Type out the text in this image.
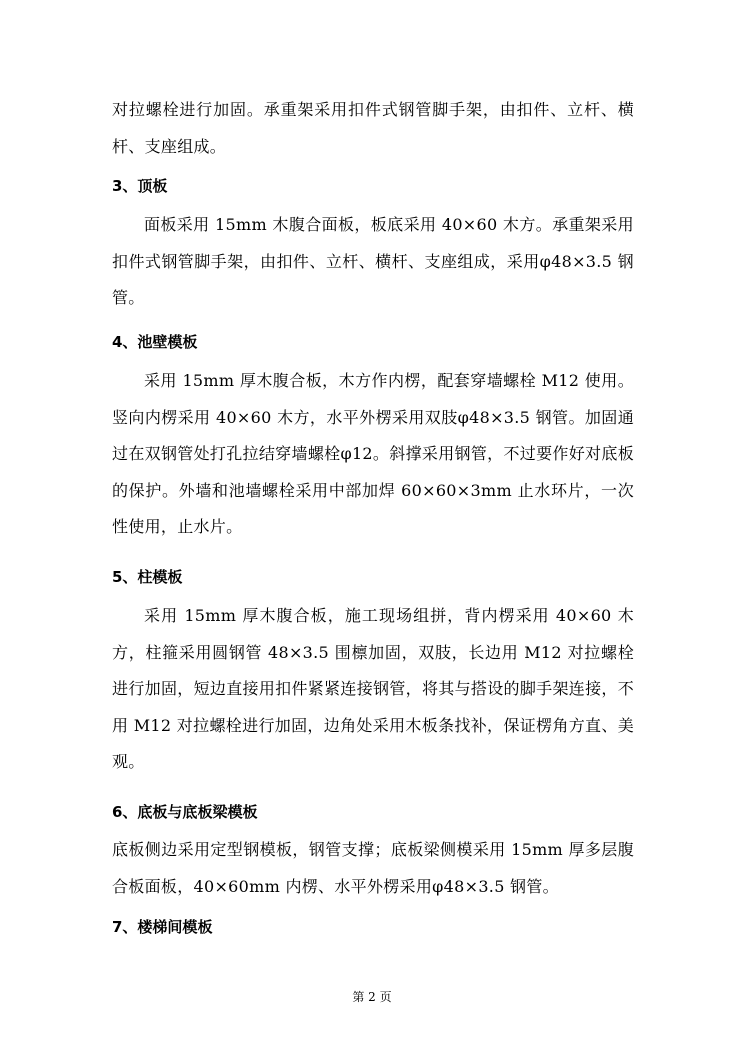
对拉螺栓进行加固。承重架采用扣件式钢管脚手架，由扣件、立杆、横杆、支座组成。

3、顶板

面板采用 15mm 木腹合面板，板底采用 40×60 木方。承重架采用扣件式钢管脚手架，由扣件、立杆、横杆、支座组成，采用φ48×3.5 钢管。

4、池壁模板

采用 15mm 厚木腹合板，木方作内楞，配套穿墙螺栓 M12 使用。竖向内楞采用 40×60 木方，水平外楞采用双肢φ48×3.5 钢管。加固通过在双钢管处打孔拉结穿墙螺栓φ12。斜撑采用钢管，不过要作好对底板的保护。外墙和池墙螺栓采用中部加焊 60×60×3mm 止水环片，一次性使用，止水片。

5、柱模板

采用 15mm 厚木腹合板，施工现场组拼，背内楞采用 40×60 木方，柱箍采用圆钢管 48×3.5 围檩加固，双肢，长边用 M12 对拉螺栓进行加固，短边直接用扣件紧紧连接钢管，将其与搭设的脚手架连接，不用 M12 对拉螺栓进行加固，边角处采用木板条找补，保证楞角方直、美观。

6、底板与底板梁模板

底板侧边采用定型钢模板，钢管支撑；底板梁侧模采用 15mm 厚多层腹合板面板，40×60mm 内楞、水平外楞采用φ48×3.5 钢管。

7、楼梯间模板

第 2 页
